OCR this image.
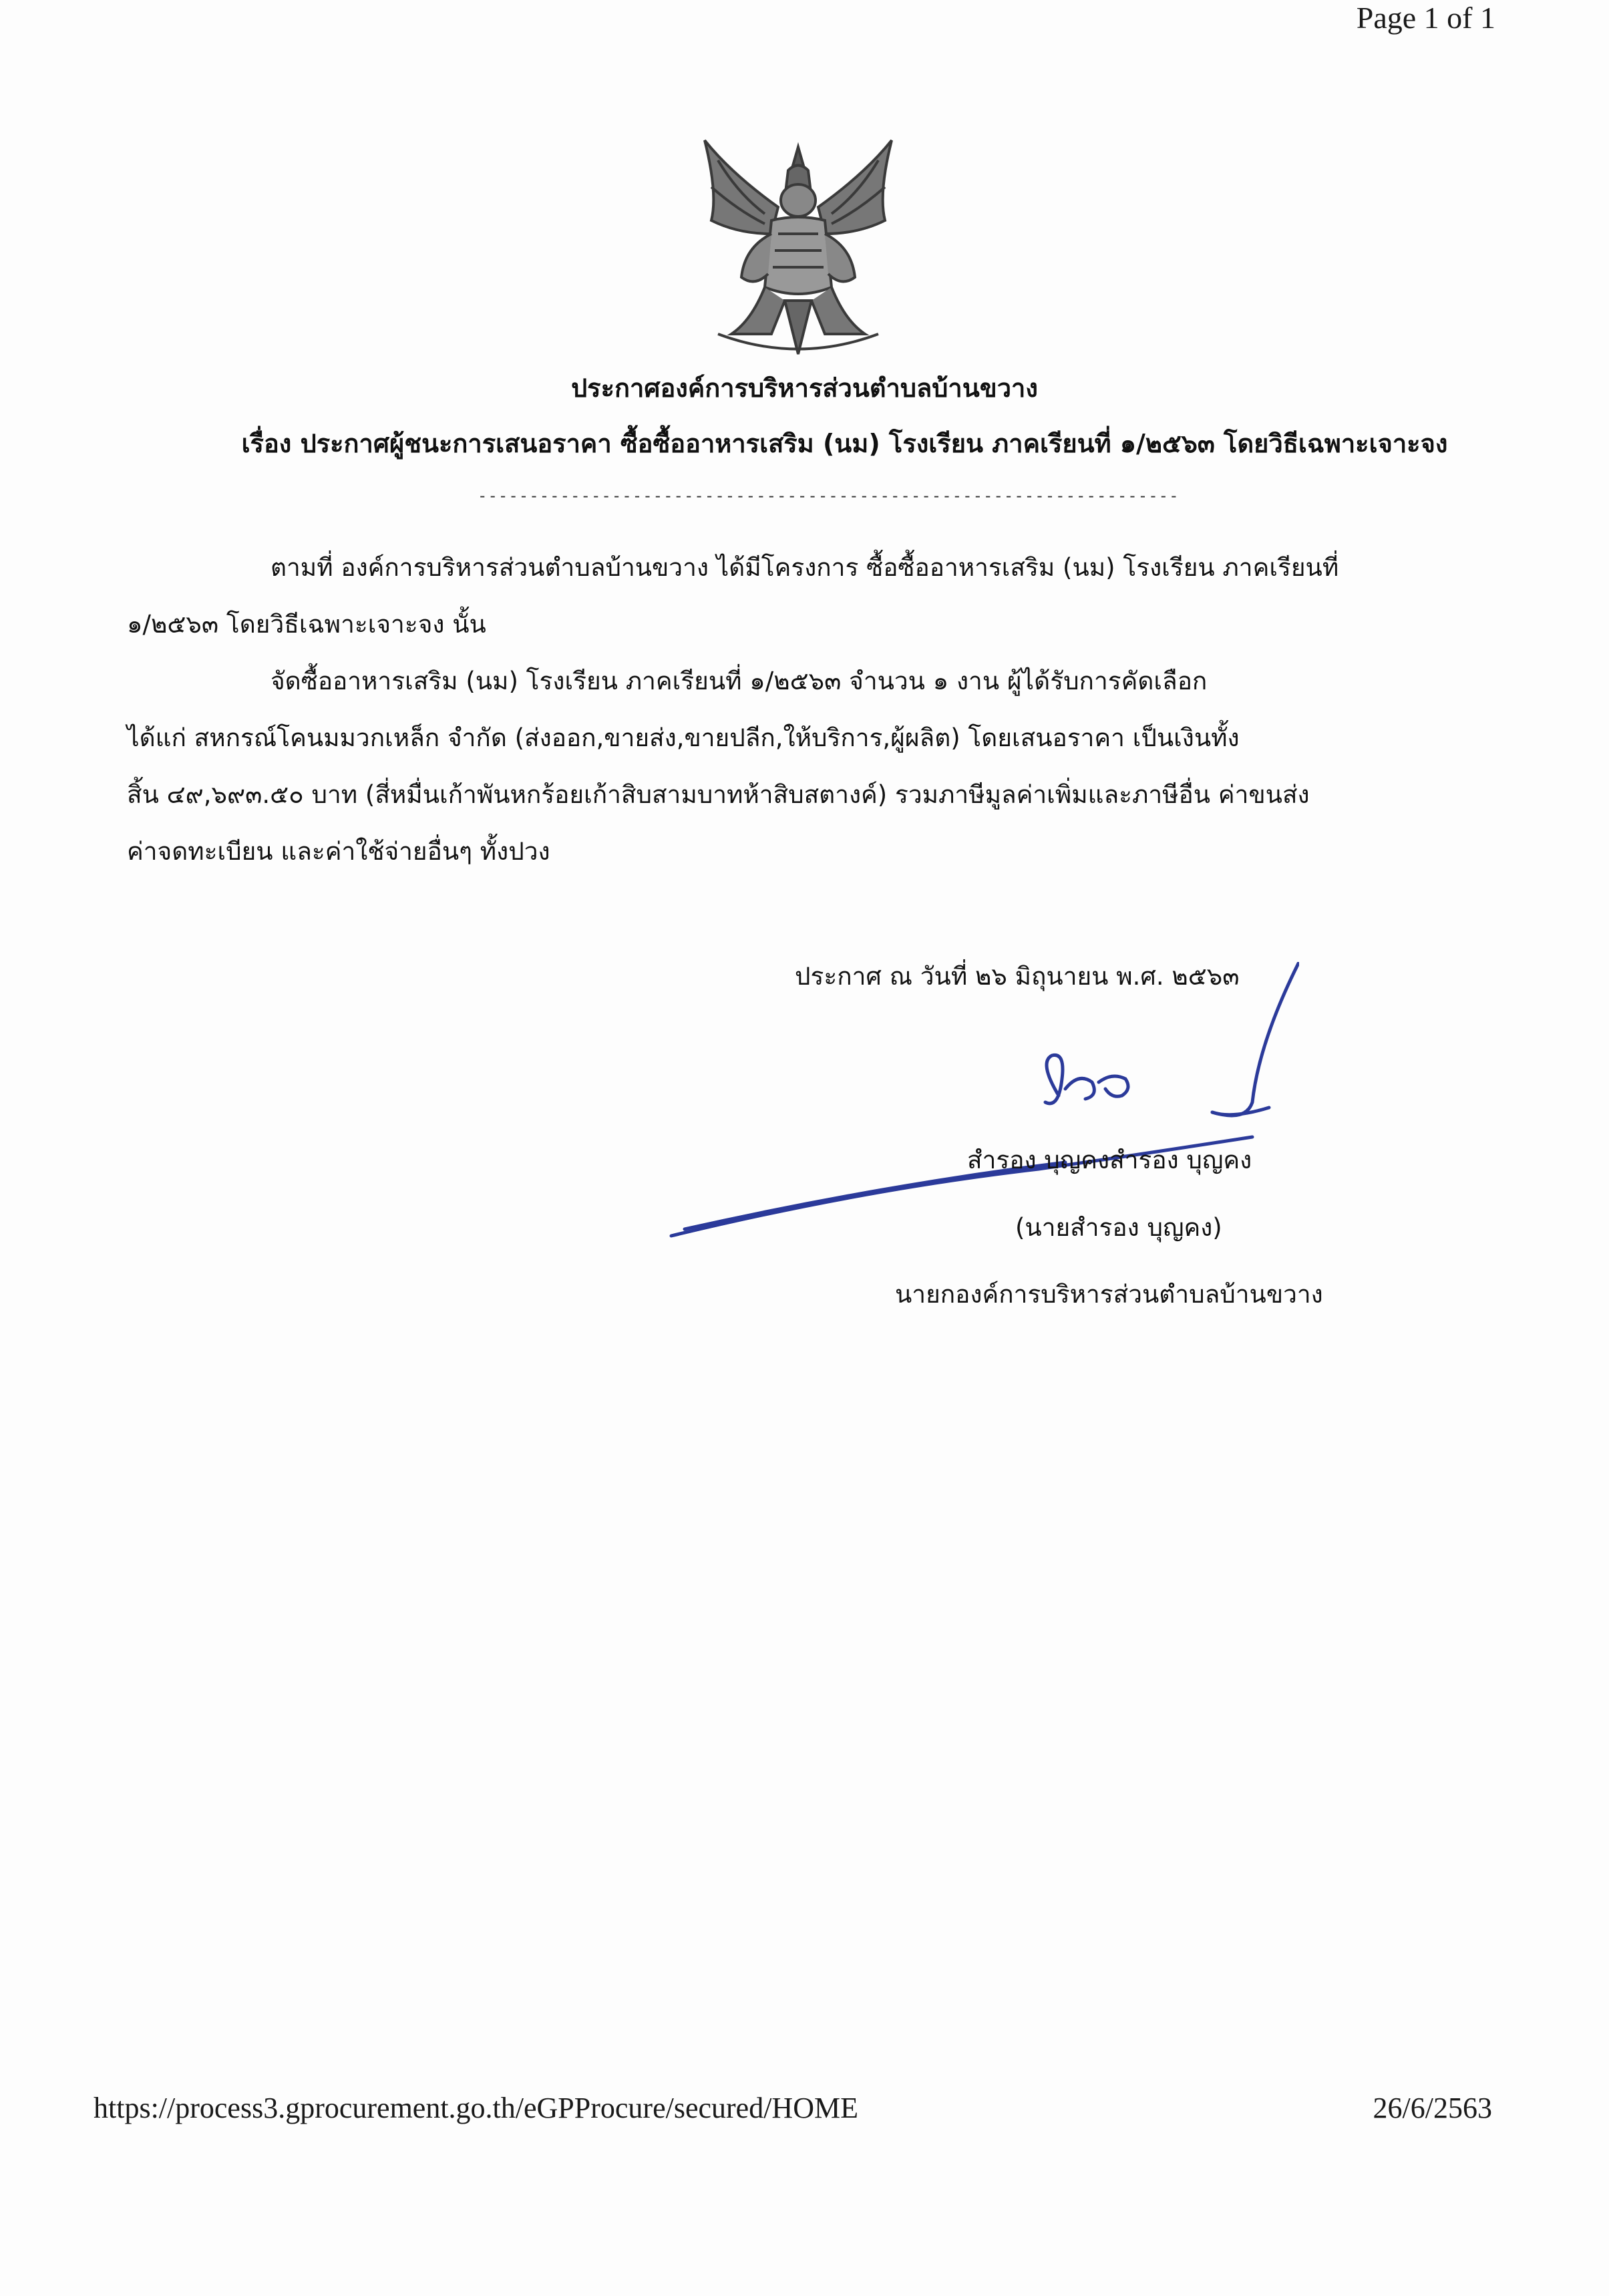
Page 1 of 1
ประกาศองค์การบริหารส่วนตำบลบ้านขวาง
เรื่อง ประกาศผู้ชนะการเสนอราคา ซื้อซื้ออาหารเสริม (นม) โรงเรียน ภาคเรียนที่ ๑/๒๕๖๓ โดยวิธีเฉพาะเจาะจง
--------------------------------------------------------------------
ตามที่ องค์การบริหารส่วนตำบลบ้านขวาง ได้มีโครงการ ซื้อซื้ออาหารเสริม (นม) โรงเรียน ภาคเรียนที่
๑/๒๕๖๓ โดยวิธีเฉพาะเจาะจง นั้น
จัดซื้ออาหารเสริม (นม) โรงเรียน ภาคเรียนที่ ๑/๒๕๖๓ จำนวน ๑ งาน ผู้ได้รับการคัดเลือก
ได้แก่ สหกรณ์โคนมมวกเหล็ก จำกัด (ส่งออก,ขายส่ง,ขายปลีก,ให้บริการ,ผู้ผลิต) โดยเสนอราคา เป็นเงินทั้ง
สิ้น ๔๙,๖๙๓.๕๐ บาท (สี่หมื่นเก้าพันหกร้อยเก้าสิบสามบาทห้าสิบสตางค์) รวมภาษีมูลค่าเพิ่มและภาษีอื่น ค่าขนส่ง
ค่าจดทะเบียน และค่าใช้จ่ายอื่นๆ ทั้งปวง
ประกาศ ณ วันที่ ๒๖ มิถุนายน พ.ศ. ๒๕๖๓
สำรอง บุญคงสำรอง บุญคง
(นายสำรอง บุญคง)
นายกองค์การบริหารส่วนตำบลบ้านขวาง
https://process3.gprocurement.go.th/eGPProcure/secured/HOME	26/6/2563
